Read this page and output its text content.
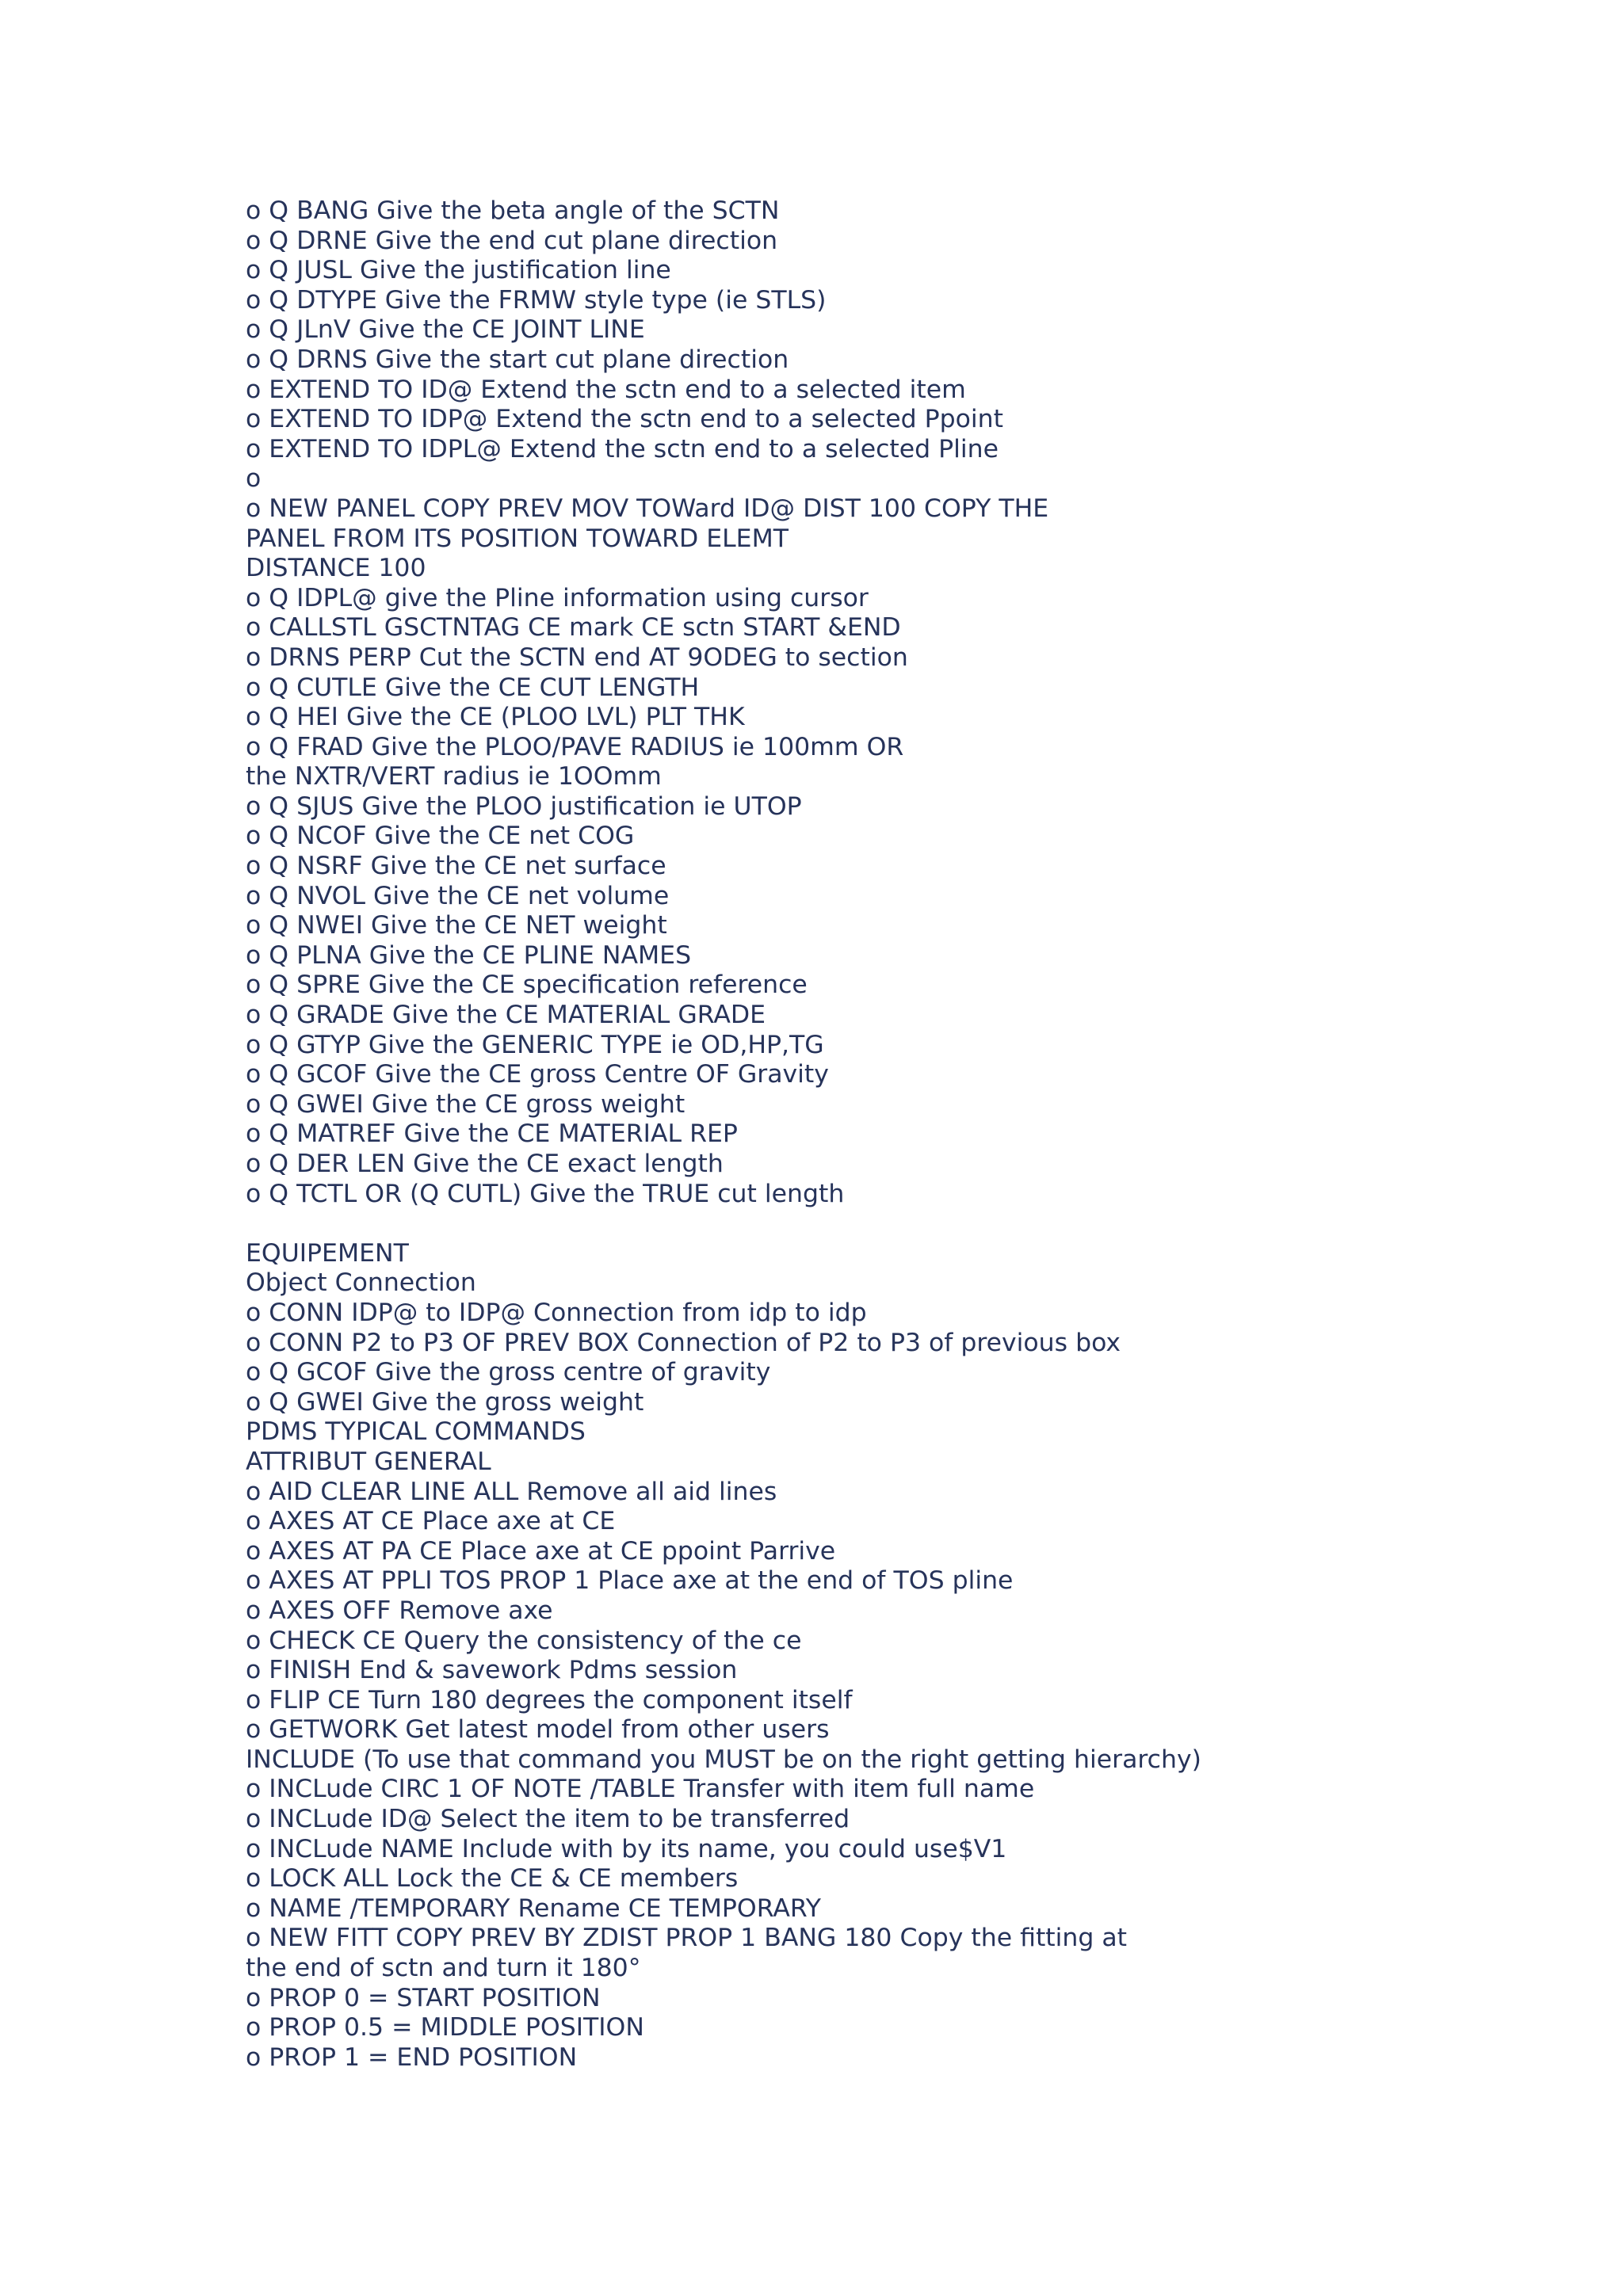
o Q BANG Give the beta angle of the SCTN
o Q DRNE Give the end cut plane direction
o Q JUSL Give the justification line
o Q DTYPE Give the FRMW style type (ie STLS)
o Q JLnV Give the CE JOINT LINE
o Q DRNS Give the start cut plane direction
o EXTEND TO ID@ Extend the sctn end to a selected item
o EXTEND TO IDP@ Extend the sctn end to a selected Ppoint
o EXTEND TO IDPL@ Extend the sctn end to a selected Pline
o
o NEW PANEL COPY PREV MOV TOWard ID@ DIST 100 COPY THE
PANEL FROM ITS POSITION TOWARD ELEMT
DISTANCE 100
o Q IDPL@ give the Pline information using cursor
o CALLSTL GSCTNTAG CE mark CE sctn START &END
o DRNS PERP Cut the SCTN end AT 9ODEG to section
o Q CUTLE Give the CE CUT LENGTH
o Q HEI Give the CE (PLOO LVL) PLT THK
o Q FRAD Give the PLOO/PAVE RADIUS ie 100mm OR
the NXTR/VERT radius ie 1OOmm
o Q SJUS Give the PLOO justification ie UTOP
o Q NCOF Give the CE net COG
o Q NSRF Give the CE net surface
o Q NVOL Give the CE net volume
o Q NWEI Give the CE NET weight
o Q PLNA Give the CE PLINE NAMES
o Q SPRE Give the CE specification reference
o Q GRADE Give the CE MATERIAL GRADE
o Q GTYP Give the GENERIC TYPE ie OD,HP,TG
o Q GCOF Give the CE gross Centre OF Gravity
o Q GWEI Give the CE gross weight
o Q MATREF Give the CE MATERIAL REP
o Q DER LEN Give the CE exact length
o Q TCTL OR (Q CUTL) Give the TRUE cut length
EQUIPEMENT
Object Connection
o CONN IDP@ to IDP@ Connection from idp to idp
o CONN P2 to P3 OF PREV BOX Connection of P2 to P3 of previous box
o Q GCOF Give the gross centre of gravity
o Q GWEI Give the gross weight
PDMS TYPICAL COMMANDS
ATTRIBUT GENERAL
o AID CLEAR LINE ALL Remove all aid lines
o AXES AT CE Place axe at CE
o AXES AT PA CE Place axe at CE ppoint Parrive
o AXES AT PPLI TOS PROP 1 Place axe at the end of TOS pline
o AXES OFF Remove axe
o CHECK CE Query the consistency of the ce
o FINISH End & savework Pdms session
o FLIP CE Turn 180 degrees the component itself
o GETWORK Get latest model from other users
INCLUDE (To use that command you MUST be on the right getting hierarchy)
o INCLude CIRC 1 OF NOTE /TABLE Transfer with item full name
o INCLude ID@ Select the item to be transferred
o INCLude NAME Include with by its name, you could use$V1
o LOCK ALL Lock the CE & CE members
o NAME /TEMPORARY Rename CE TEMPORARY
o NEW FITT COPY PREV BY ZDIST PROP 1 BANG 180 Copy the fitting at
the end of sctn and turn it 180°
o PROP 0 = START POSITION
o PROP 0.5 = MIDDLE POSITION
o PROP 1 = END POSITION
